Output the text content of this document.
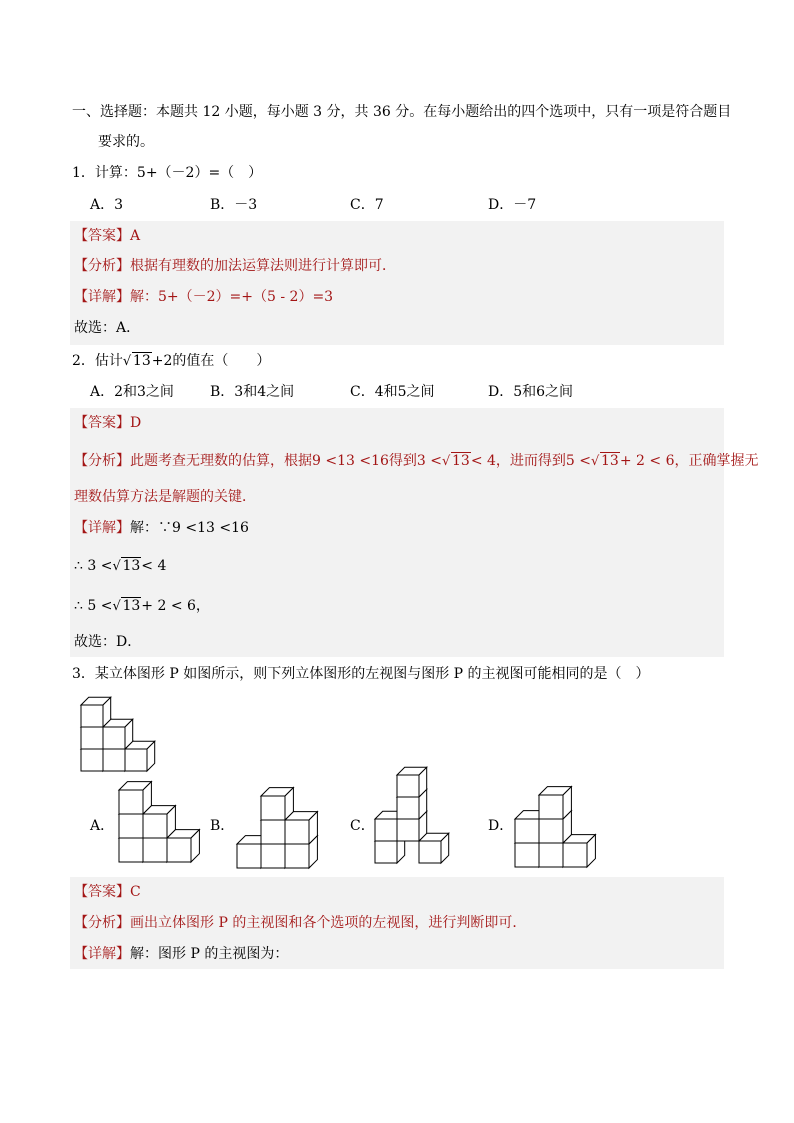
一、选择题：本题共 12 小题，每小题 3 分，共 36 分。在每小题给出的四个选项中，只有一项是符合题目
要求的。
1．计算：5+（－2）=（　）
A．3	B．－3	C．7	D．－7
【答案】A
【分析】根据有理数的加法运算法则进行计算即可．
【详解】解：5+（－2）=+（5 - 2）=3
故选：A．
2．估计 √ 13+2的值在（　　）
A．2和3之间	B．3和4之间	C．4和5之间	D．5和6之间
【答案】D
【分析】此题考查无理数的估算，根据9 <13 <16得到3 < √ 13< 4，进而得到5 < √ 13+ 2 < 6，正确掌握无
理数估算方法是解题的关键．
【详解】解：∵9 <13 <16
∴ 3 < √ 13< 4
∴ 5 < √ 13+ 2 < 6，
故选：D．
3．某立体图形 P 如图所示，则下列立体图形的左视图与图形 P 的主视图可能相同的是（　）
A．	B．	C．	D．
【答案】C
【分析】画出立体图形 P 的主视图和各个选项的左视图，进行判断即可．
【详解】解：图形 P 的主视图为：
